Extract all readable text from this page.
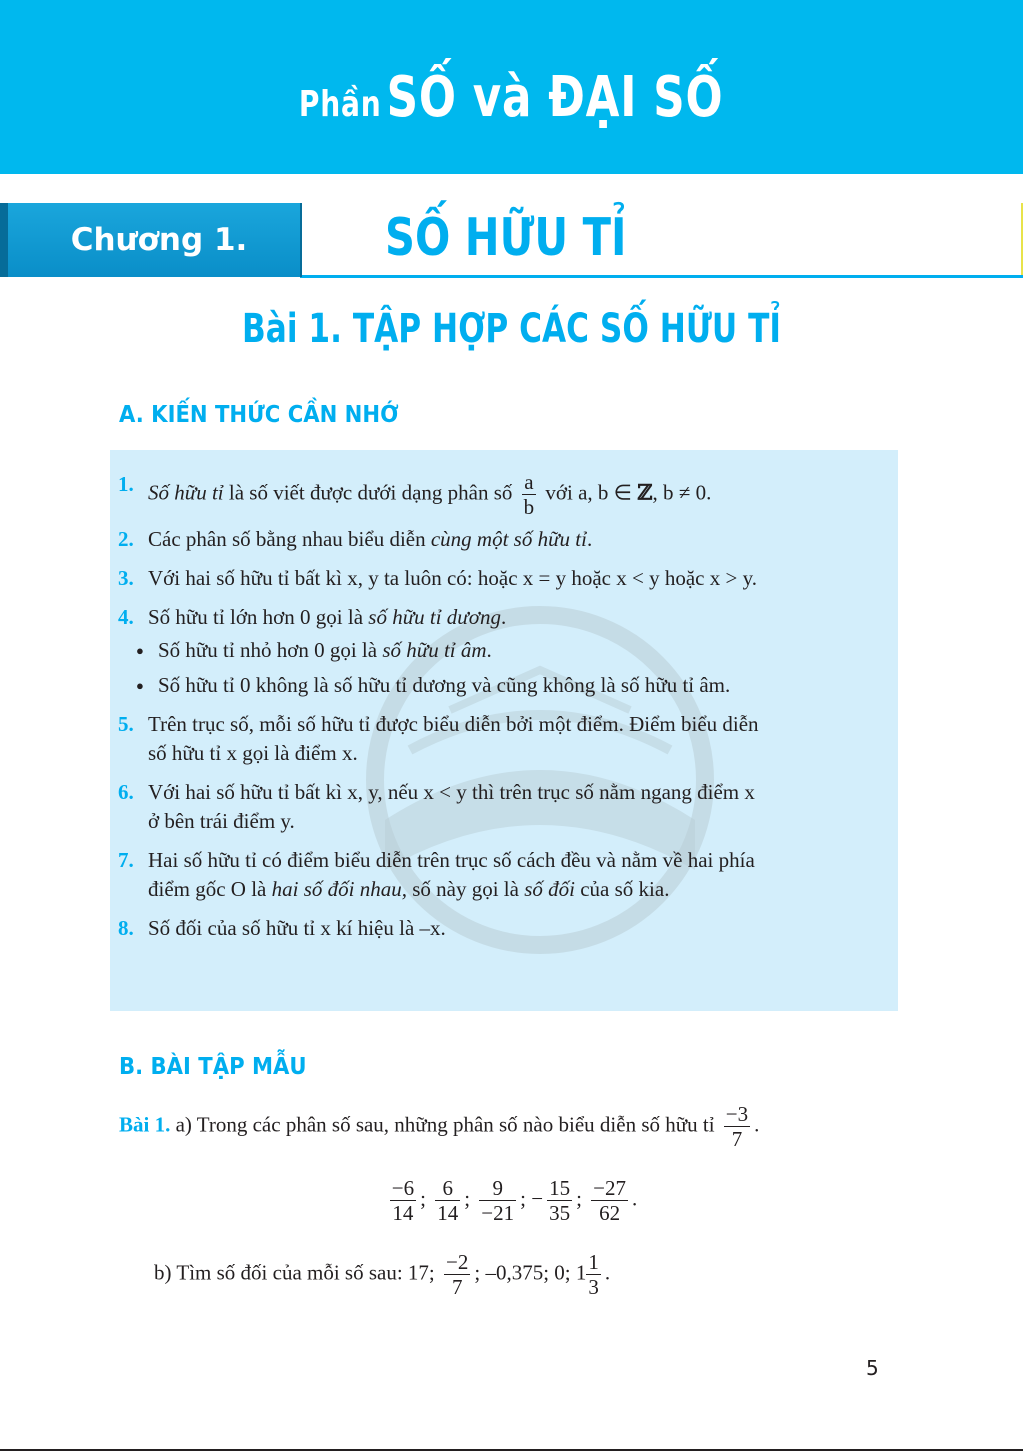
Phần SỐ và ĐẠI SỐ
Chương 1.	SỐ HỮU TỈ
Bài 1. TẬP HỢP CÁC SỐ HỮU TỈ
A. KIẾN THỨC CẦN NHỚ
1. Số hữu tỉ là số viết được dưới dạng phân số $\frac{a}{b}$ với a, b ∈ ℤ, b ≠ 0.
2. Các phân số bằng nhau biểu diễn cùng một số hữu tỉ.
3. Với hai số hữu tỉ bất kì x, y ta luôn có: hoặc x = y hoặc x < y hoặc x > y.
4. Số hữu tỉ lớn hơn 0 gọi là số hữu tỉ dương.
● Số hữu tỉ nhỏ hơn 0 gọi là số hữu tỉ âm.
● Số hữu tỉ 0 không là số hữu tỉ dương và cũng không là số hữu tỉ âm.
5. Trên trục số, mỗi số hữu tỉ được biểu diễn bởi một điểm. Điểm biểu diễn
số hữu tỉ x gọi là điểm x.
6. Với hai số hữu tỉ bất kì x, y, nếu x < y thì trên trục số nằm ngang điểm x
ở bên trái điểm y.
7. Hai số hữu tỉ có điểm biểu diễn trên trục số cách đều và nằm về hai phía
điểm gốc O là hai số đối nhau, số này gọi là số đối của số kia.
8. Số đối của số hữu tỉ x kí hiệu là –x.
B. BÀI TẬP MẪU
Bài 1. a) Trong các phân số sau, những phân số nào biểu diễn số hữu tỉ $\frac{-3}{7}$ .
$\frac{-6}{14}$ ; $\frac{6}{14}$ ; $\frac{9}{-21}$ ; − $\frac{15}{35}$ ; $\frac{-27}{62}$ .
b) Tìm số đối của mỗi số sau: 17; $\frac{-2}{7}$ ; –0,375; 0; $1 \frac{1}{3}$ .
5
